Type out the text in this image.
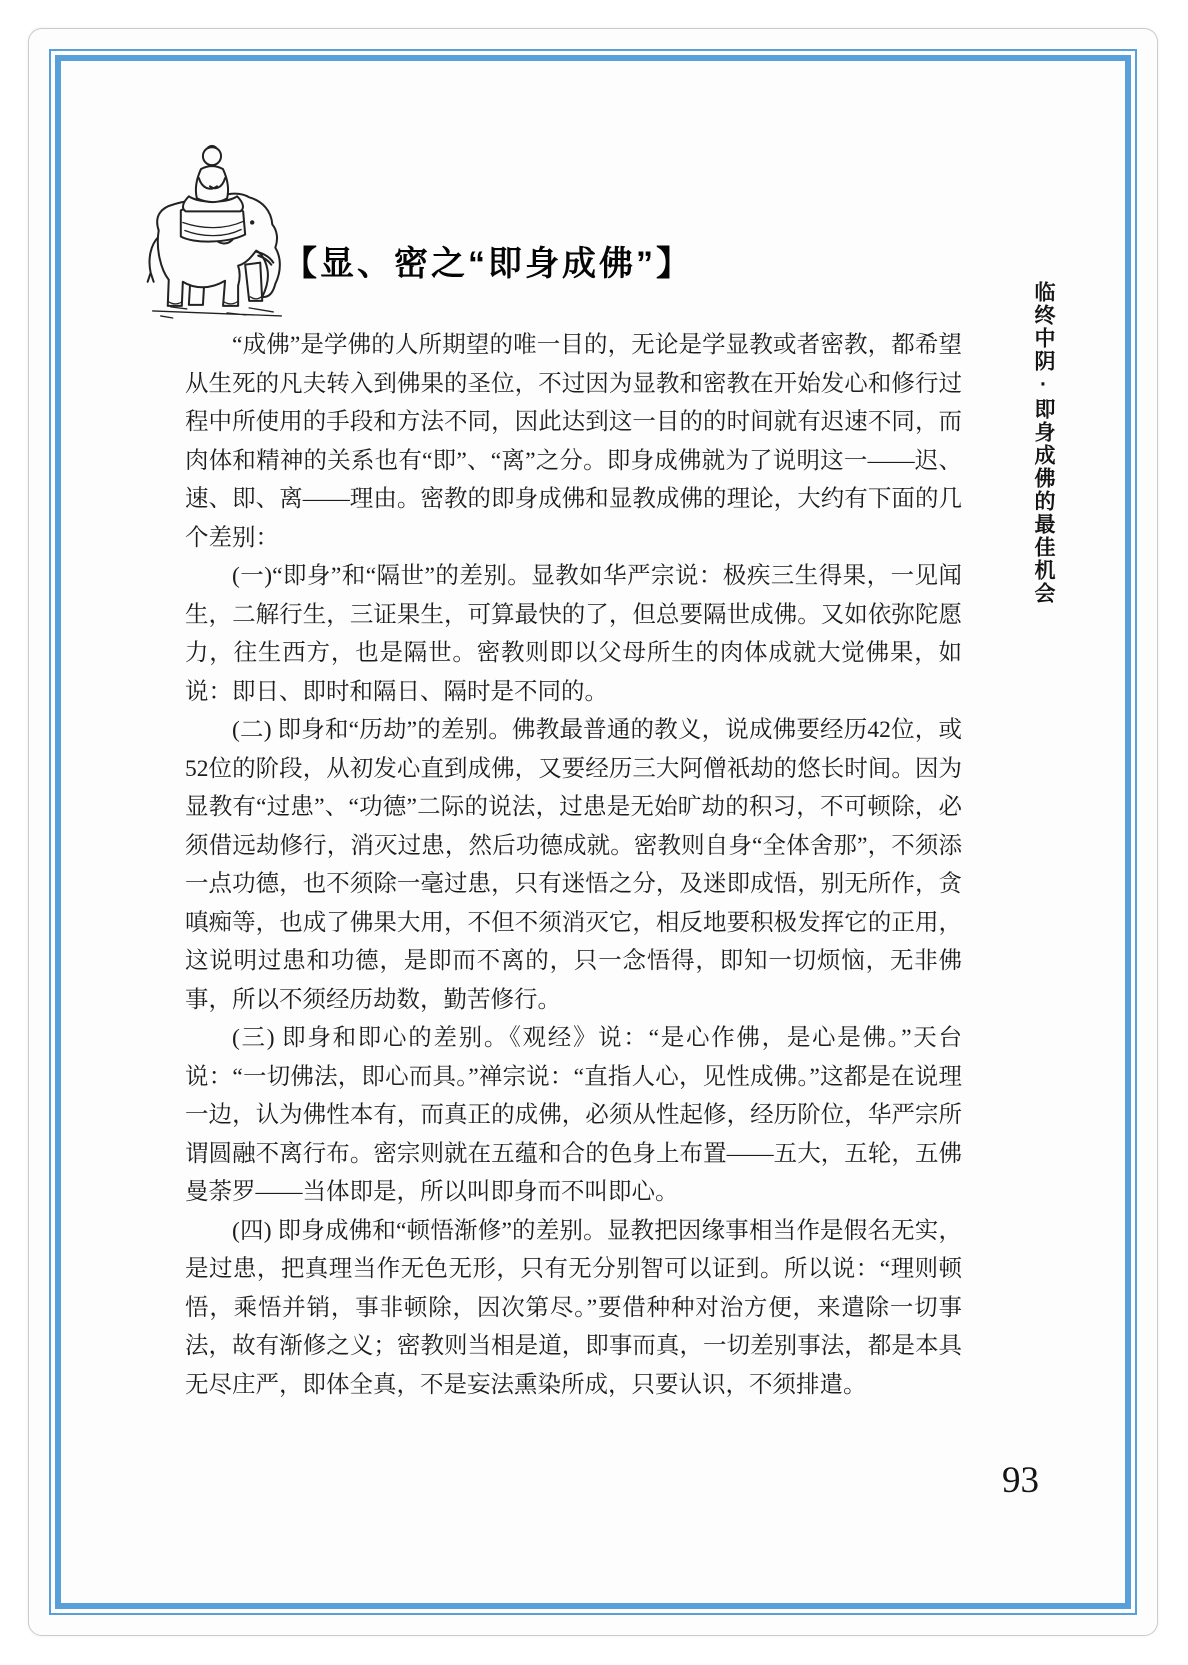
【显、密之“即身成佛”】
临终中阴·即身成佛的最佳机会

“成佛”是学佛的人所期望的唯一目的，无论是学显教或者密教，都希望从生死的凡夫转入到佛果的圣位，不过因为显教和密教在开始发心和修行过程中所使用的手段和方法不同，因此达到这一目的的时间就有迟速不同，而肉体和精神的关系也有“即”、“离”之分。即身成佛就为了说明这一——迟、速、即、离——理由。密教的即身成佛和显教成佛的理论，大约有下面的几个差别：

(一)“即身”和“隔世”的差别。显教如华严宗说：极疾三生得果，一见闻生，二解行生，三证果生，可算最快的了，但总要隔世成佛。又如依弥陀愿力，往生西方，也是隔世。密教则即以父母所生的肉体成就大觉佛果，如说：即日、即时和隔日、隔时是不同的。

(二) 即身和“历劫”的差别。佛教最普通的教义，说成佛要经历42位，或52位的阶段，从初发心直到成佛，又要经历三大阿僧祇劫的悠长时间。因为显教有“过患”、“功德”二际的说法，过患是无始旷劫的积习，不可顿除，必须借远劫修行，消灭过患，然后功德成就。密教则自身“全体舍那”，不须添一点功德，也不须除一毫过患，只有迷悟之分，及迷即成悟，别无所作，贪嗔痴等，也成了佛果大用，不但不须消灭它，相反地要积极发挥它的正用，这说明过患和功德，是即而不离的，只一念悟得，即知一切烦恼，无非佛事，所以不须经历劫数，勤苦修行。

(三) 即身和即心的差别。《观经》说：“是心作佛，是心是佛。”天台说：“一切佛法，即心而具。”禅宗说：“直指人心，见性成佛。”这都是在说理一边，认为佛性本有，而真正的成佛，必须从性起修，经历阶位，华严宗所谓圆融不离行布。密宗则就在五蕴和合的色身上布置——五大，五轮，五佛曼荼罗——当体即是，所以叫即身而不叫即心。

(四) 即身成佛和“顿悟渐修”的差别。显教把因缘事相当作是假名无实，是过患，把真理当作无色无形，只有无分别智可以证到。所以说：“理则顿悟，乘悟并销，事非顿除，因次第尽。”要借种种对治方便，来遣除一切事法，故有渐修之义；密教则当相是道，即事而真，一切差别事法，都是本具无尽庄严，即体全真，不是妄法熏染所成，只要认识，不须排遣。

93
